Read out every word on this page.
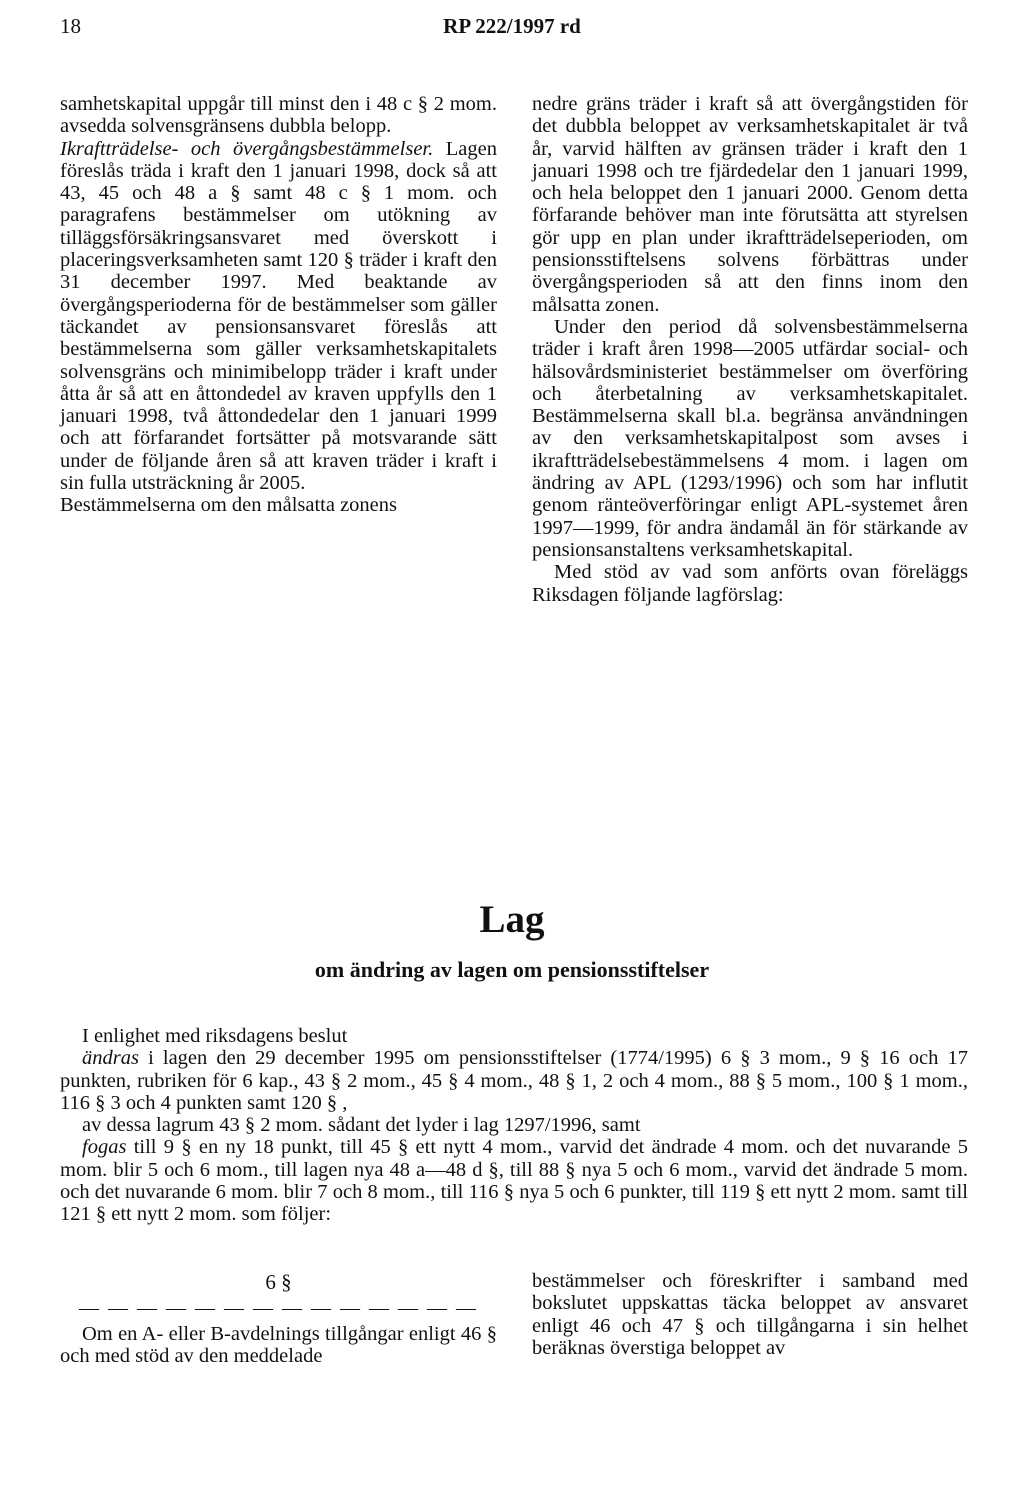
18	RP 222/1997 rd

samhetskapital uppgår till minst den i 48 c § 2 mom. avsedda solvensgränsens dubbla belopp.

Ikraftträdelse- och övergångsbestämmelser. Lagen föreslås träda i kraft den 1 januari 1998, dock så att 43, 45 och 48 a § samt 48 c § 1 mom. och paragrafens bestämmelser om utökning av tilläggsförsäkringsansvaret med överskott i placeringsverksamheten samt 120 § träder i kraft den 31 december 1997. Med beaktande av övergångsperioderna för de bestämmelser som gäller täckandet av pensionsansvaret föreslås att bestämmelserna som gäller verksamhetskapitalets solvensgräns och minimibelopp träder i kraft under åtta år så att en åttondedel av kraven uppfylls den 1 januari 1998, två åttondedelar den 1 januari 1999 och att förfarandet fortsätter på motsvarande sätt under de följande åren så att kraven träder i kraft i sin fulla utsträckning år 2005.

Bestämmelserna om den målsatta zonens

nedre gräns träder i kraft så att övergångstiden för det dubbla beloppet av verksamhetskapitalet är två år, varvid hälften av gränsen träder i kraft den 1 januari 1998 och tre fjärdedelar den 1 januari 1999, och hela beloppet den 1 januari 2000. Genom detta förfarande behöver man inte förutsätta att styrelsen gör upp en plan under ikraftträdelseperioden, om pensionsstiftelsens solvens förbättras under övergångsperioden så att den finns inom den målsatta zonen.

Under den period då solvensbestämmelserna träder i kraft åren 1998—2005 utfärdar social- och hälsovårdsministeriet bestämmelser om överföring och återbetalning av verksamhetskapitalet. Bestämmelserna skall bl.a. begränsa användningen av den verksamhetskapitalpost som avses i ikraftträdelsebestämmelsens 4 mom. i lagen om ändring av APL (1293/1996) och som har influtit genom ränteöverföringar enligt APL-systemet åren 1997—1999, för andra ändamål än för stärkande av pensionsanstaltens verksamhetskapital.

Med stöd av vad som anförts ovan föreläggs Riksdagen följande lagförslag:

Lag
om ändring av lagen om pensionsstiftelser

I enlighet med riksdagens beslut

ändras i lagen den 29 december 1995 om pensionsstiftelser (1774/1995) 6 § 3 mom., 9 § 16 och 17 punkten, rubriken för 6 kap., 43 § 2 mom., 45 § 4 mom., 48 § 1, 2 och 4 mom., 88 § 5 mom., 100 § 1 mom., 116 § 3 och 4 punkten samt 120 § ,

av dessa lagrum 43 § 2 mom. sådant det lyder i lag 1297/1996, samt

fogas till 9 § en ny 18 punkt, till 45 § ett nytt 4 mom., varvid det ändrade 4 mom. och det nuvarande 5 mom. blir 5 och 6 mom., till lagen nya 48 a—48 d §, till 88 § nya 5 och 6 mom., varvid det ändrade 5 mom. och det nuvarande 6 mom. blir 7 och 8 mom., till 116 § nya 5 och 6 punkter, till 119 § ett nytt 2 mom. samt till 121 § ett nytt 2 mom. som följer:

6 §
— — — — — — — — — — — — — —

Om en A- eller B-avdelnings tillgångar enligt 46 § och med stöd av den meddelade

bestämmelser och föreskrifter i samband med bokslutet uppskattas täcka beloppet av ansvaret enligt 46 och 47 § och tillgångarna i sin helhet beräknas överstiga beloppet av
